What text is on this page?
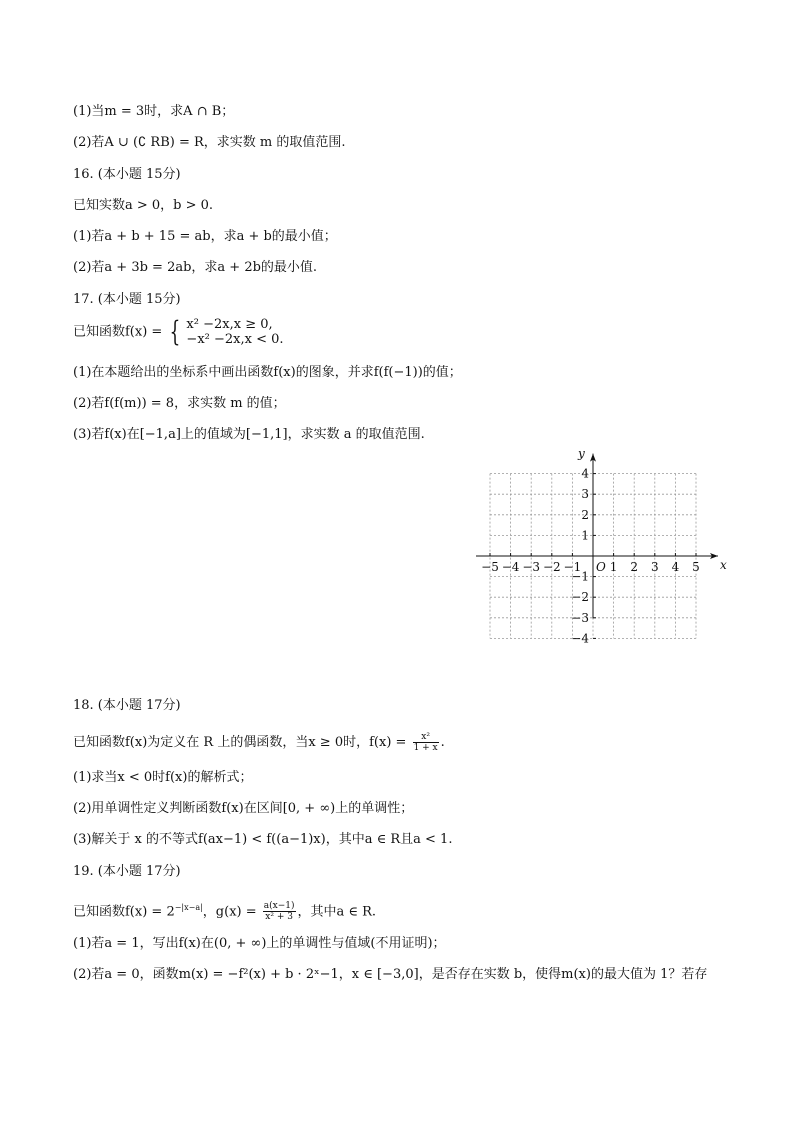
(1)当m = 3时，求A ∩ B；
(2)若A ∪ (∁ RB) = R，求实数 m 的取值范围.
16. (本小题 15分)
已知实数a > 0，b > 0.
(1)若a + b + 15 = ab，求a + b的最小值；
(2)若a + 3b = 2ab，求a + 2b的最小值.
17. (本小题 15分)
已知函数f(x) = { x² −2x,x ≥ 0,
−x² −2x,x < 0.
(1)在本题给出的坐标系中画出函数f(x)的图象，并求f(f(−1))的值；
(2)若f(f(m)) = 8，求实数 m 的值；
(3)若f(x)在[−1,a]上的值域为[−1,1]，求实数 a 的取值范围.
−5 −4 −3 −2 −1 1 2 3 4 5
4
3
2
1
−1
−2
−3
−4
O	x
y
18. (本小题 17分)
已知函数f(x)为定义在 R 上的偶函数，当x ≥ 0时，$f(x) = \frac{\text{x²}}{1 + x}$ .
(1)求当x < 0时f(x)的解析式；
(2)用单调性定义判断函数f(x)在区间[0, + ∞)上的单调性；
(3)解关于 x 的不等式f(ax−1) < f((a−1)x)，其中a ∈ R且a < 1.
19. (本小题 17分)
已知函数$f(x) = 2^{-|x-a|}$，$g(x) = \frac{a(x-1)}{\text{x² + 3}}$ ，其中a ∈ R.
(1)若a = 1，写出f(x)在(0, + ∞)上的单调性与值域(不用证明)；
(2)若a = 0，函数m(x) = −f²(x) + b · 2ˣ−1，x ∈ [−3,0]，是否存在实数 b，使得m(x)的最大值为 1？若存
